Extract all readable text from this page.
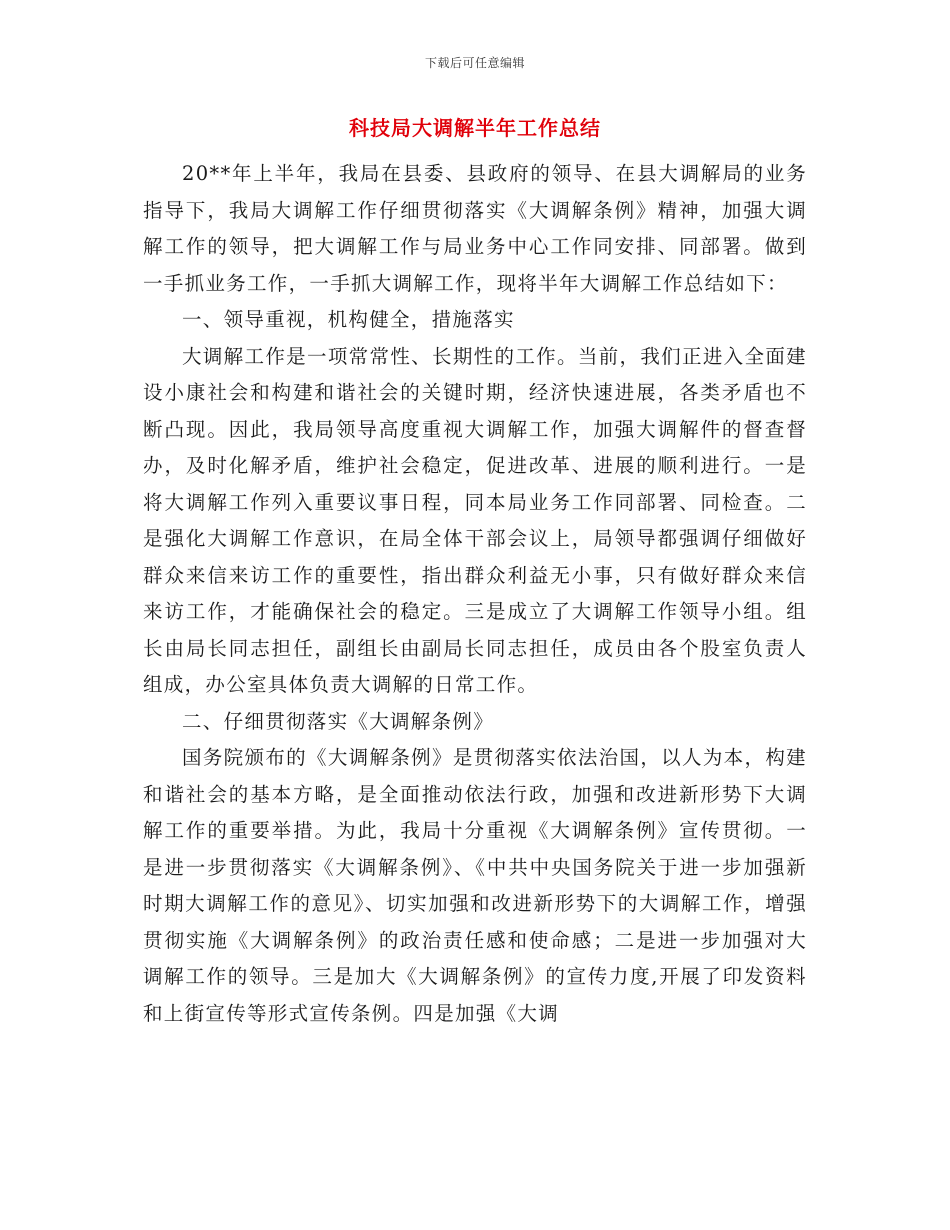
下载后可任意编辑
科技局大调解半年工作总结

20**年上半年，我局在县委、县政府的领导、在县大调解局的业务指导下，我局大调解工作仔细贯彻落实《大调解条例》精神，加强大调解工作的领导，把大调解工作与局业务中心工作同安排、同部署。做到一手抓业务工作，一手抓大调解工作，现将半年大调解工作总结如下：

一、领导重视，机构健全，措施落实

大调解工作是一项常常性、长期性的工作。当前，我们正进入全面建设小康社会和构建和谐社会的关键时期，经济快速进展，各类矛盾也不断凸现。因此，我局领导高度重视大调解工作，加强大调解件的督查督办，及时化解矛盾，维护社会稳定，促进改革、进展的顺利进行。一是将大调解工作列入重要议事日程，同本局业务工作同部署、同检查。二是强化大调解工作意识，在局全体干部会议上，局领导都强调仔细做好群众来信来访工作的重要性，指出群众利益无小事，只有做好群众来信来访工作，才能确保社会的稳定。三是成立了大调解工作领导小组。组长由局长同志担任，副组长由副局长同志担任，成员由各个股室负责人组成，办公室具体负责大调解的日常工作。

二、仔细贯彻落实《大调解条例》

国务院颁布的《大调解条例》是贯彻落实依法治国，以人为本，构建和谐社会的基本方略，是全面推动依法行政，加强和改进新形势下大调解工作的重要举措。为此，我局十分重视《大调解条例》宣传贯彻。一是进一步贯彻落实《大调解条例》、《中共中央国务院关于进一步加强新时期大调解工作的意见》、切实加强和改进新形势下的大调解工作，增强贯彻实施《大调解条例》的政治责任感和使命感；二是进一步加强对大调解工作的领导。三是加大《大调解条例》的宣传力度,开展了印发资料和上街宣传等形式宣传条例。四是加强《大调
